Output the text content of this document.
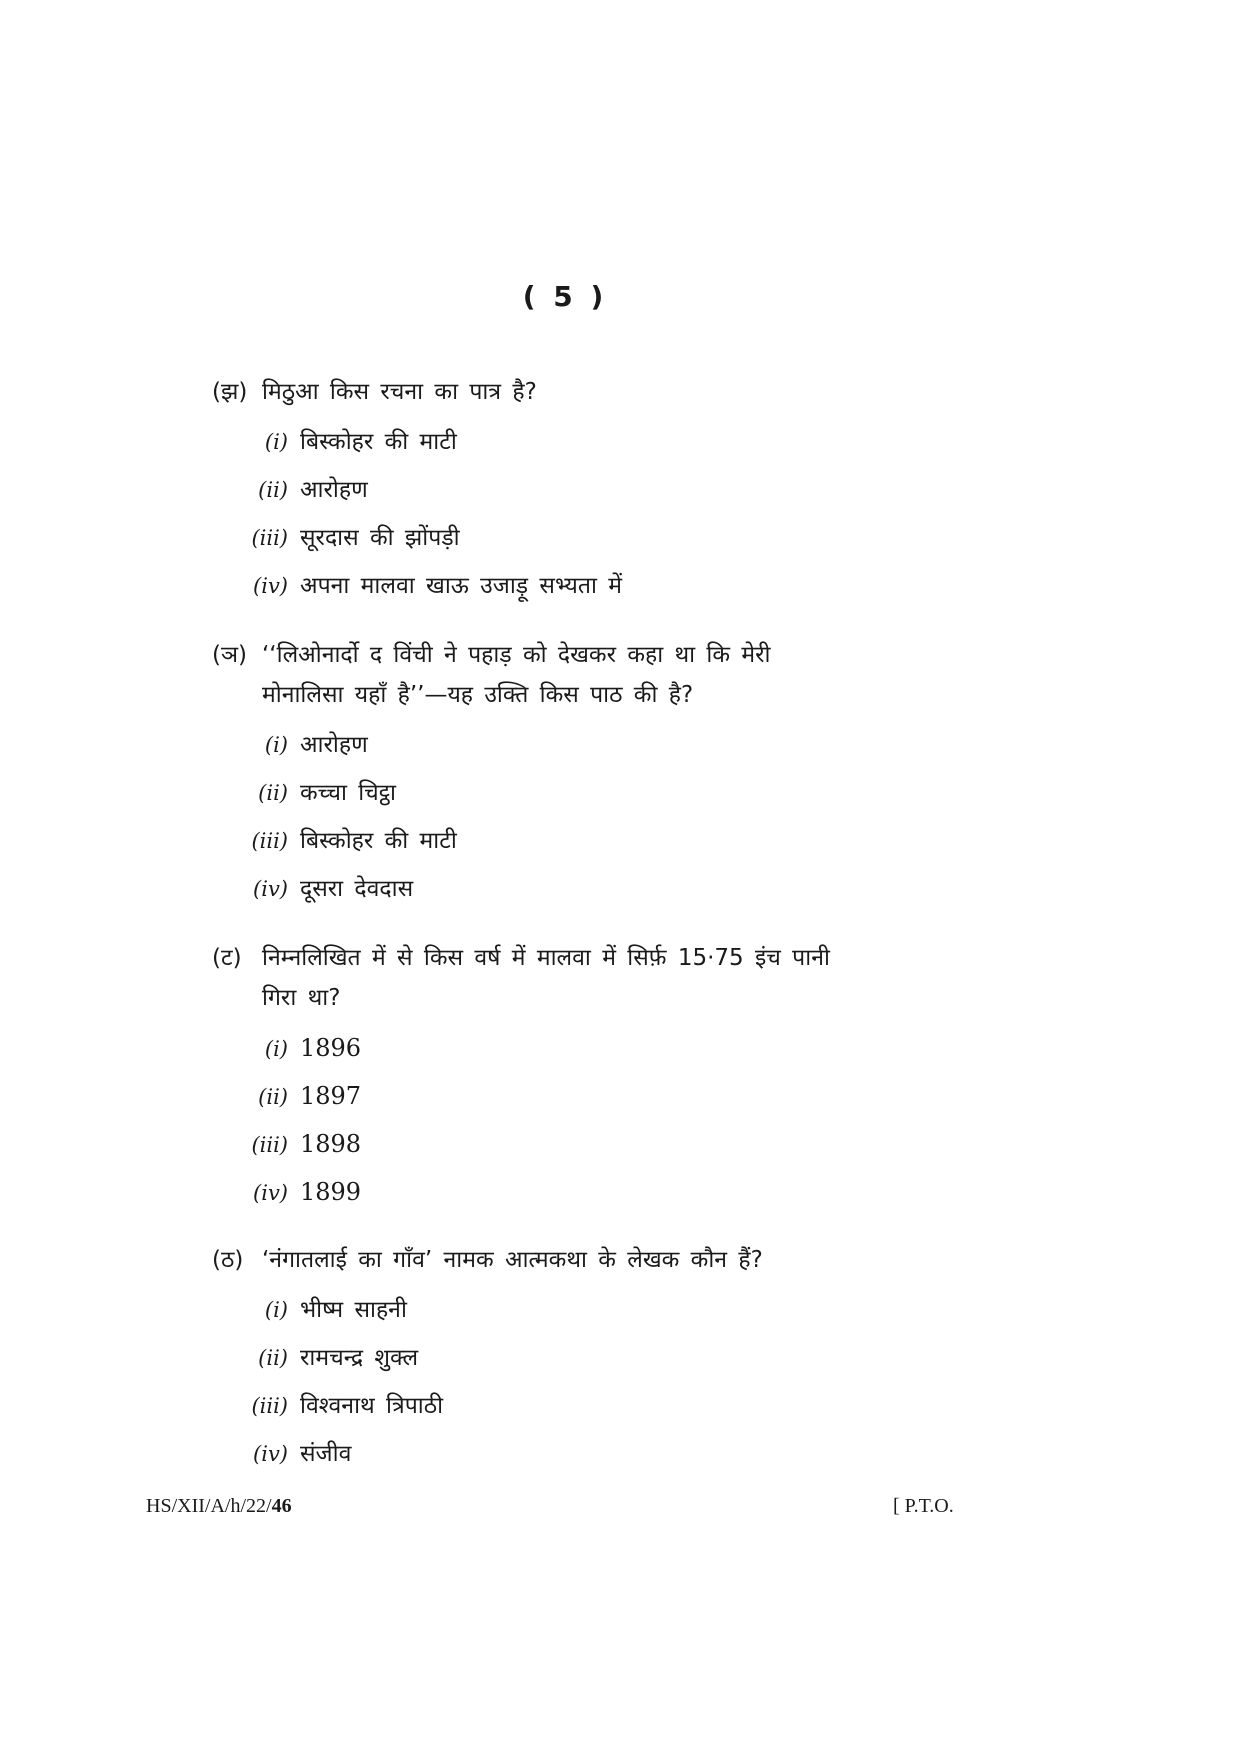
( 5 )
(झ) मिठुआ किस रचना का पात्र है?
(i) बिस्कोहर की माटी
(ii) आरोहण
(iii) सूरदास की झोंपड़ी
(iv) अपना मालवा खाऊ उजाड़ू सभ्यता में
(ञ) ‘‘लिओनार्दो द विंची ने पहाड़ को देखकर कहा था कि मेरी
मोनालिसा यहाँ है’’—यह उक्ति किस पाठ की है?
(i) आरोहण
(ii) कच्चा चिट्ठा
(iii) बिस्कोहर की माटी
(iv) दूसरा देवदास
(ट) निम्नलिखित में से किस वर्ष में मालवा में सिर्फ़ 15·75 इंच पानी
गिरा था?
(i) 1896
(ii) 1897
(iii) 1898
(iv) 1899
(ठ) ‘नंगातलाई का गाँव’ नामक आत्मकथा के लेखक कौन हैं?
(i) भीष्म साहनी
(ii) रामचन्द्र शुक्ल
(iii) विश्वनाथ त्रिपाठी
(iv) संजीव
HS/XII/A/h/22/46	[ P.T.O.
